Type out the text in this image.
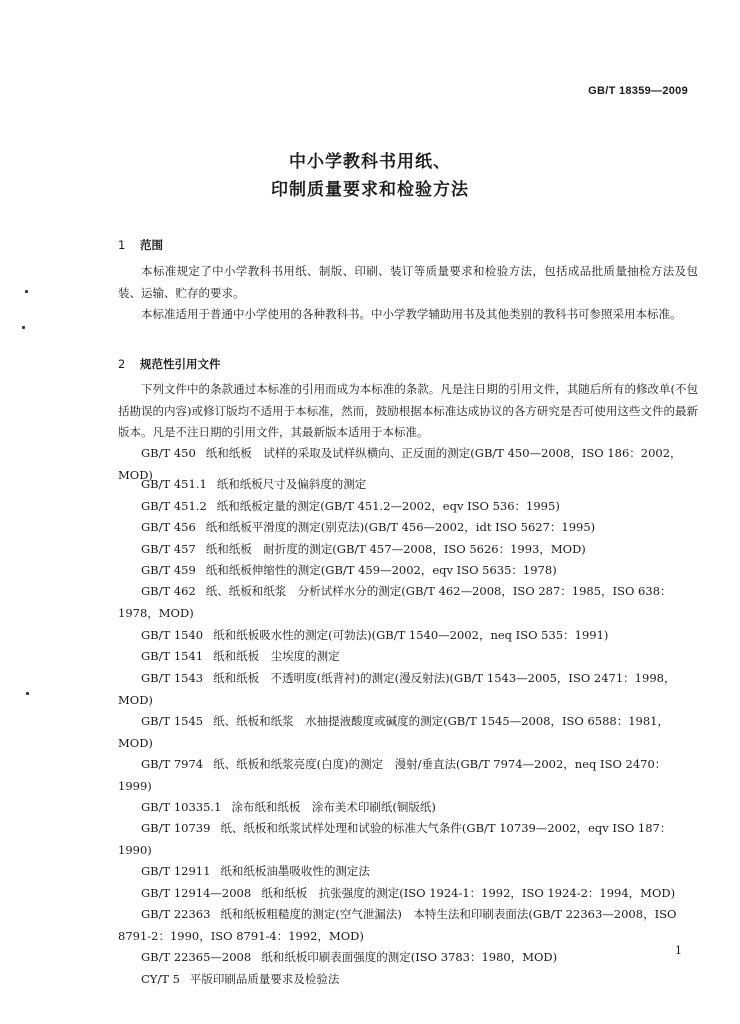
GB/T 18359—2009
中小学教科书用纸、
印制质量要求和检验方法
1 范围
本标准规定了中小学教科书用纸、制版、印刷、装订等质量要求和检验方法，包括成品批质量抽检方法及包装、运输、贮存的要求。
本标准适用于普通中小学使用的各种教科书。中小学教学辅助用书及其他类别的教科书可参照采用本标准。
2 规范性引用文件
下列文件中的条款通过本标准的引用而成为本标准的条款。凡是注日期的引用文件，其随后所有的修改单(不包括勘误的内容)或修订版均不适用于本标准，然而，鼓励根据本标准达成协议的各方研究是否可使用这些文件的最新版本。凡是不注日期的引用文件，其最新版本适用于本标准。
GB/T 450 纸和纸板　试样的采取及试样纵横向、正反面的测定(GB/T 450—2008，ISO 186：2002，MOD)
GB/T 451.1 纸和纸板尺寸及偏斜度的测定
GB/T 451.2 纸和纸板定量的测定(GB/T 451.2—2002，eqv ISO 536：1995)
GB/T 456 纸和纸板平滑度的测定(别克法)(GB/T 456—2002，idt ISO 5627：1995)
GB/T 457 纸和纸板　耐折度的测定(GB/T 457—2008，ISO 5626：1993，MOD)
GB/T 459 纸和纸板伸缩性的测定(GB/T 459—2002，eqv ISO 5635：1978)
GB/T 462 纸、纸板和纸浆　分析试样水分的测定(GB/T 462—2008，ISO 287：1985，ISO 638：1978，MOD)
GB/T 1540 纸和纸板吸水性的测定(可勃法)(GB/T 1540—2002，neq ISO 535：1991)
GB/T 1541 纸和纸板　尘埃度的测定
GB/T 1543 纸和纸板　不透明度(纸背衬)的测定(漫反射法)(GB/T 1543—2005，ISO 2471：1998，MOD)
GB/T 1545 纸、纸板和纸浆　水抽提液酸度或碱度的测定(GB/T 1545—2008，ISO 6588：1981，MOD)
GB/T 7974 纸、纸板和纸浆亮度(白度)的测定　漫射/垂直法(GB/T 7974—2002，neq ISO 2470：1999)
GB/T 10335.1 涂布纸和纸板　涂布美术印刷纸(铜版纸)
GB/T 10739 纸、纸板和纸浆试样处理和试验的标准大气条件(GB/T 10739—2002，eqv ISO 187：1990)
GB/T 12911 纸和纸板油墨吸收性的测定法
GB/T 12914—2008 纸和纸板　抗张强度的测定(ISO 1924-1：1992，ISO 1924-2：1994，MOD)
GB/T 22363 纸和纸板粗糙度的测定(空气泄漏法)　本特生法和印刷表面法(GB/T 22363—2008，ISO 8791-2：1990，ISO 8791-4：1992，MOD)
GB/T 22365—2008 纸和纸板印刷表面强度的测定(ISO 3783：1980，MOD)
CY/T 5 平版印刷品质量要求及检验法
1
